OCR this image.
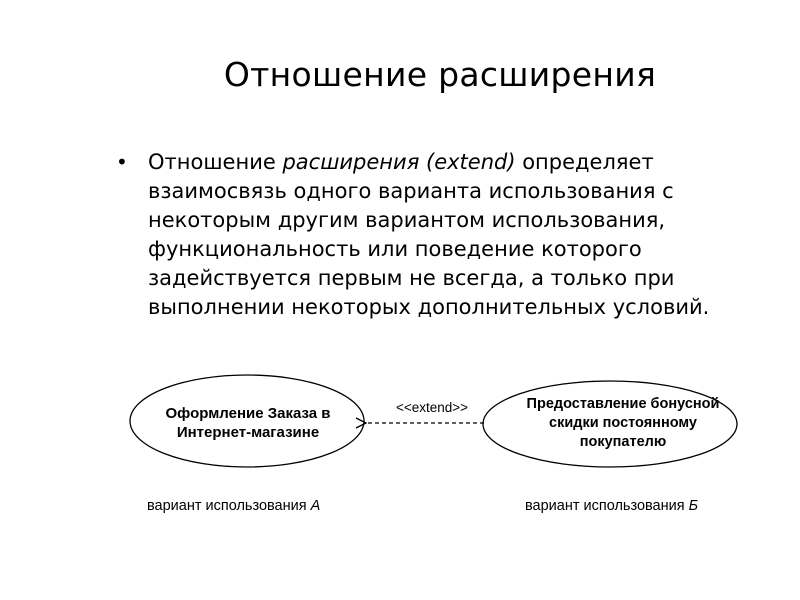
Отношение расширения
• Отношение расширения (extend) определяет взаимосвязь одного варианта использования с некоторым другим вариантом использования, функциональность или поведение которого задействуется первым не всегда, а только при выполнении некоторых дополнительных условий.
Оформление Заказа в
Интернет-магазине
Предоставление бонусной
скидки постоянному
покупателю
<<extend>>
вариант использования А	вариант использования Б
